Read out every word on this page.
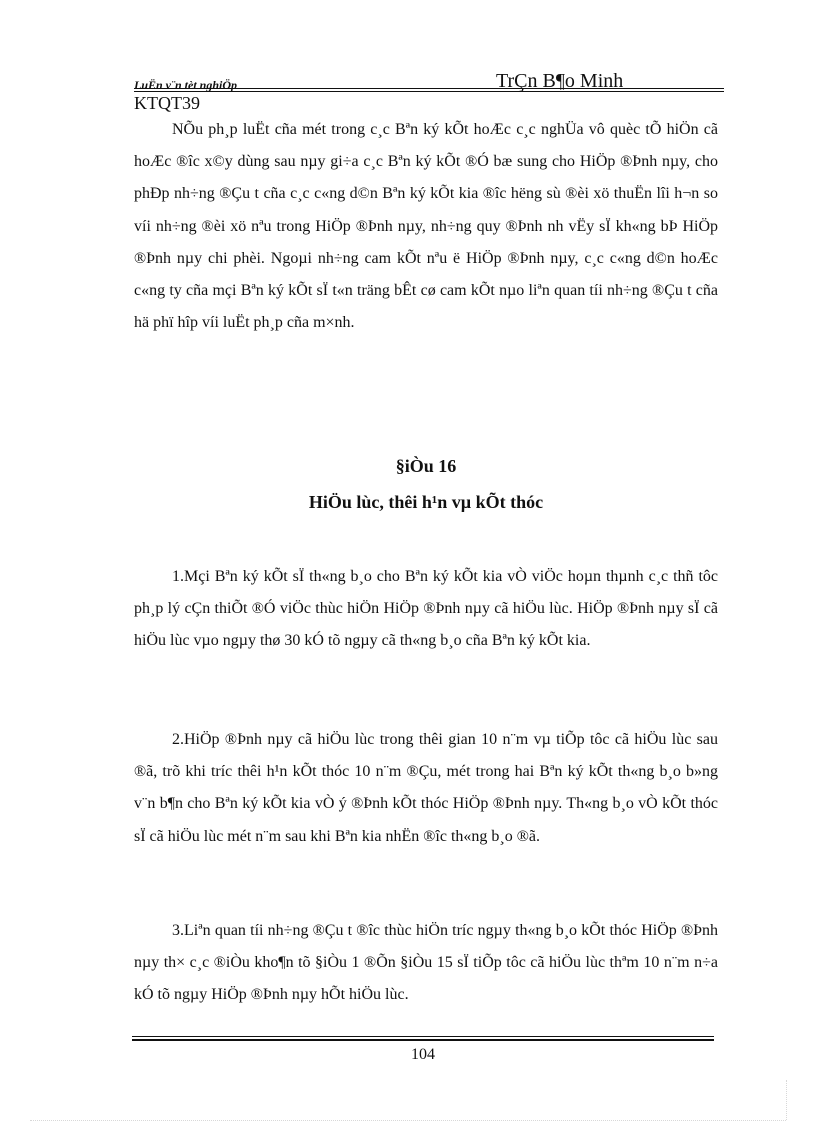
LuËn v¨n tèt nghiÖp	TrÇn B¶o Minh
KTQT39

NÕu ph¸p luËt cña mét trong c¸c Bªn ký kÕt hoÆc c¸c nghÜa vô quèc tÕ hiÖn cã hoÆc ®îc x©y dùng sau nµy gi÷a c¸c Bªn ký kÕt ®Ó bæ sung cho HiÖp ®Þnh nµy, cho phÐp nh÷ng ®Çu t cña c¸c c«ng d©n Bªn ký kÕt kia ®îc hëng sù ®èi xö thuËn lîi h¬n so víi nh÷ng ®èi xö nªu trong HiÖp ®Þnh nµy, nh÷ng quy ®Þnh nh vËy sÏ kh«ng bÞ HiÖp ®Þnh nµy chi phèi. Ngoµi nh÷ng cam kÕt nªu ë HiÖp ®Þnh nµy, c¸c c«ng d©n hoÆc c«ng ty cña mçi Bªn ký kÕt sÏ t«n träng bÊt cø cam kÕt nµo liªn quan tíi nh÷ng ®Çu t cña hä phï hîp víi luËt ph¸p cña m×nh.

§iÒu 16
HiÖu lùc, thêi h¹n vµ kÕt thóc

1.Mçi Bªn ký kÕt sÏ th«ng b¸o cho Bªn ký kÕt kia vÒ viÖc hoµn thµnh c¸c thñ tôc ph¸p lý cÇn thiÕt ®Ó viÖc thùc hiÖn HiÖp ®Þnh nµy cã hiÖu lùc. HiÖp ®Þnh nµy sÏ cã hiÖu lùc vµo ngµy thø 30 kÓ tõ ngµy cã th«ng b¸o cña Bªn ký kÕt kia.

2.HiÖp ®Þnh nµy cã hiÖu lùc trong thêi gian 10 n¨m vµ tiÕp tôc cã hiÖu lùc sau ®ã, trõ khi tríc thêi h¹n kÕt thóc 10 n¨m ®Çu, mét trong hai Bªn ký kÕt th«ng b¸o b»ng v¨n b¶n cho Bªn ký kÕt kia vÒ ý ®Þnh kÕt thóc HiÖp ®Þnh nµy. Th«ng b¸o vÒ kÕt thóc sÏ cã hiÖu lùc mét n¨m sau khi Bªn kia nhËn ®îc th«ng b¸o ®ã.

3.Liªn quan tíi nh÷ng ®Çu t ®îc thùc hiÖn tríc ngµy th«ng b¸o kÕt thóc HiÖp ®Þnh nµy th× c¸c ®iÒu kho¶n tõ §iÒu 1 ®Õn §iÒu 15 sÏ tiÕp tôc cã hiÖu lùc thªm 10 n¨m n÷a kÓ tõ ngµy HiÖp ®Þnh nµy hÕt hiÖu lùc.

104
